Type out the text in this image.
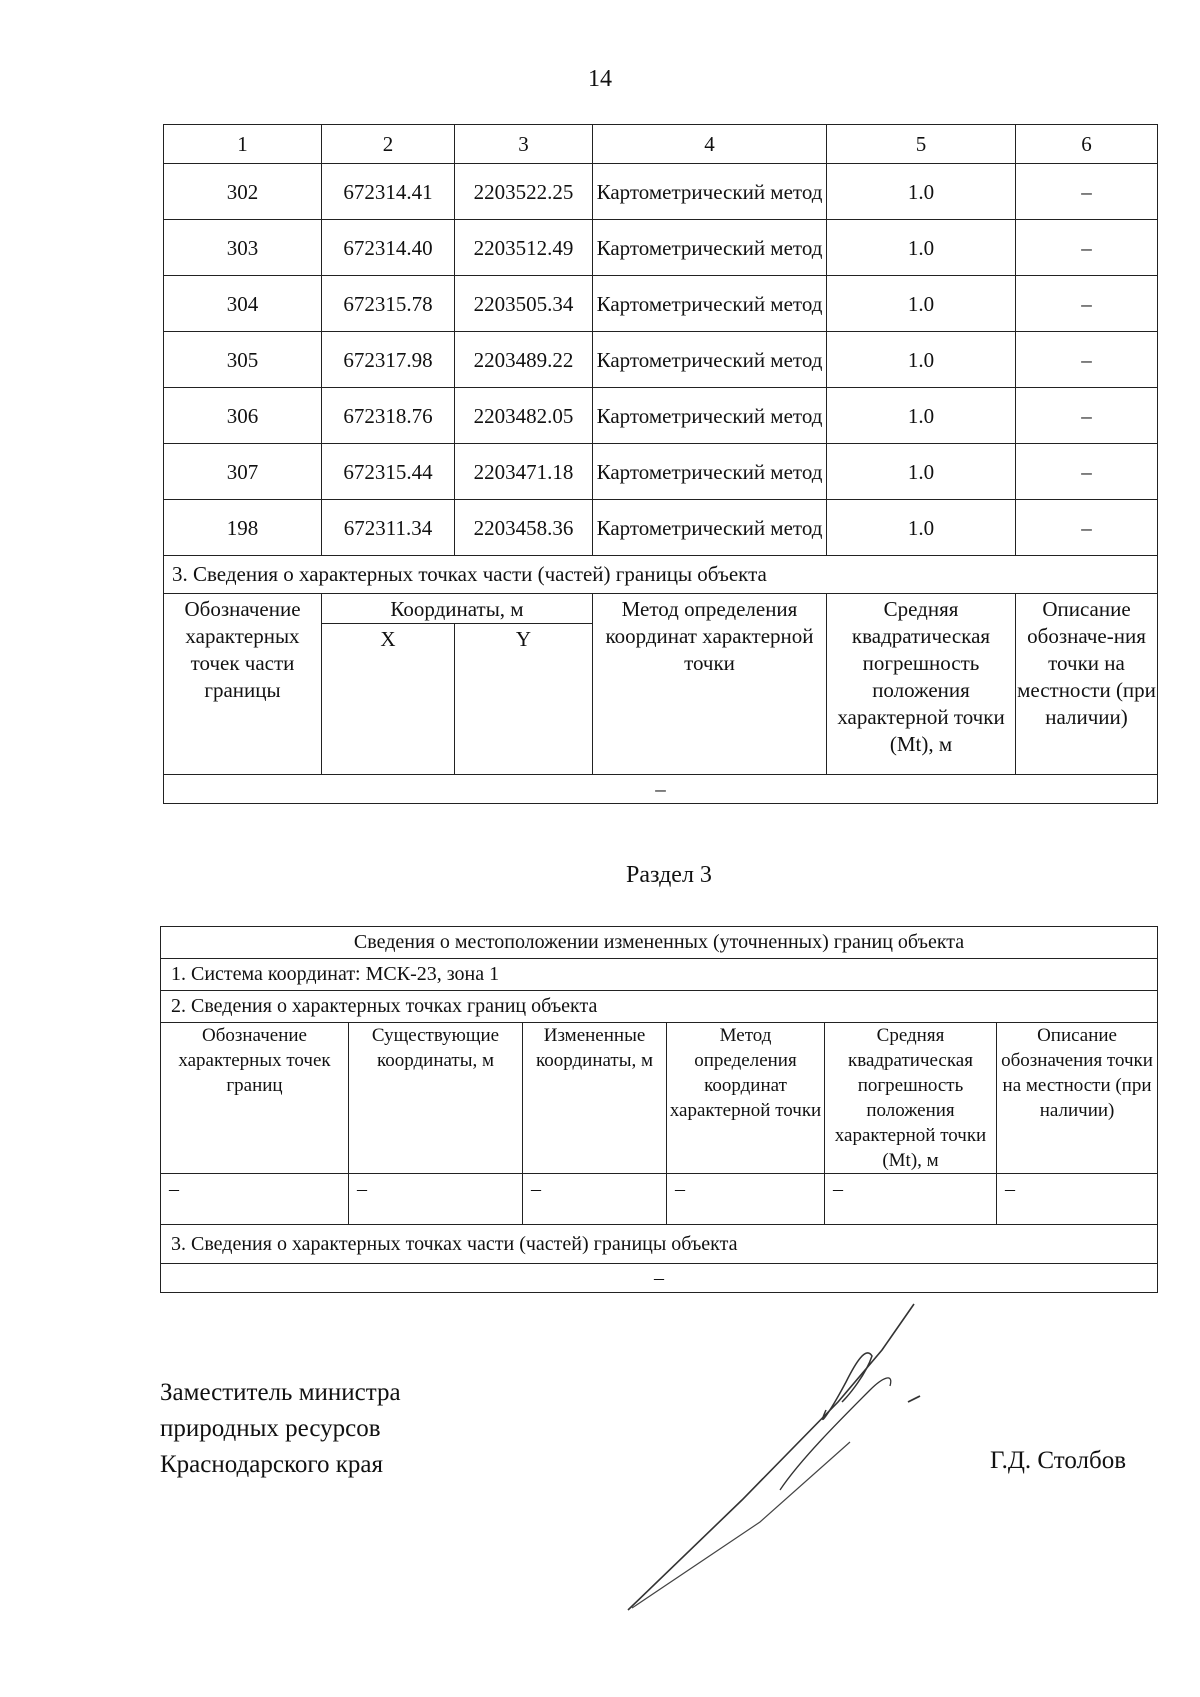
14
1	2	3	4	5	6
302	672314.41	2203522.25	Картометрический метод	1.0	–
303	672314.40	2203512.49	Картометрический метод	1.0	–
304	672315.78	2203505.34	Картометрический метод	1.0	–
305	672317.98	2203489.22	Картометрический метод	1.0	–
306	672318.76	2203482.05	Картометрический метод	1.0	–
307	672315.44	2203471.18	Картометрический метод	1.0	–
198	672311.34	2203458.36	Картометрический метод	1.0	–
3. Сведения о характерных точках части (частей) границы объекта					
Обозначение характерных точек части границы	Координаты, м		Метод определения координат характерной точки	Средняя квадратическая погрешность положения характерной точки (Mt), м	Описание обозначе-ния точки на местности (при наличии)
	X	Y			
–					
Раздел 3
Сведения о местоположении измененных (уточненных) границ объекта					
1. Система координат: МСК-23, зона 1					
2. Сведения о характерных точках границ объекта					
Обозначение характерных точек границ	Существующие координаты, м	Измененные координаты, м	Метод определения координат характерной точки	Средняя квадратическая погрешность положения характерной точки (Mt), м	Описание обозначения точки на местности (при наличии)
–	–	–	–	–	–
3. Сведения о характерных точках части (частей) границы объекта					
–					
Заместитель министра
природных ресурсов
Краснодарского края	Г.Д. Столбов
